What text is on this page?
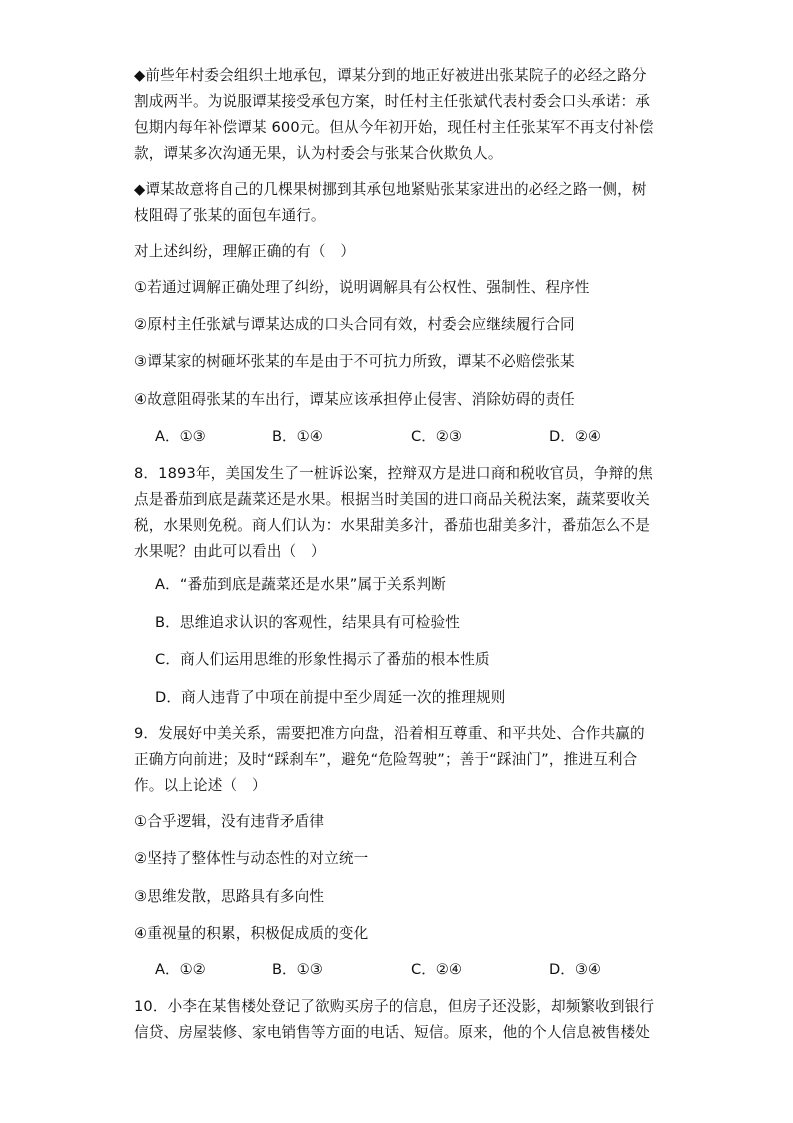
◆前些年村委会组织土地承包，谭某分到的地正好被进出张某院子的必经之路分
割成两半。为说服谭某接受承包方案，时任村主任张斌代表村委会口头承诺：承
包期内每年补偿谭某 600元。但从今年初开始，现任村主任张某军不再支付补偿
款，谭某多次沟通无果，认为村委会与张某合伙欺负人。
◆谭某故意将自己的几棵果树挪到其承包地紧贴张某家进出的必经之路一侧，树
枝阻碍了张某的面包车通行。
对上述纠纷，理解正确的有（　）
①若通过调解正确处理了纠纷，说明调解具有公权性、强制性、程序性
②原村主任张斌与谭某达成的口头合同有效，村委会应继续履行合同
③谭某家的树砸坏张某的车是由于不可抗力所致，谭某不必赔偿张某
④故意阻碍张某的车出行，谭某应该承担停止侵害、消除妨碍的责任
8．1893年，美国发生了一桩诉讼案，控辩双方是进口商和税收官员，争辩的焦
点是番茄到底是蔬菜还是水果。根据当时美国的进口商品关税法案，蔬菜要收关
税，水果则免税。商人们认为：水果甜美多汁，番茄也甜美多汁，番茄怎么不是
水果呢？由此可以看出（　）
A．“番茄到底是蔬菜还是水果”属于关系判断
B．思维追求认识的客观性，结果具有可检验性
C．商人们运用思维的形象性揭示了番茄的根本性质
D．商人违背了中项在前提中至少周延一次的推理规则
9．发展好中美关系，需要把准方向盘，沿着相互尊重、和平共处、合作共赢的
正确方向前进；及时“踩刹车”，避免“危险驾驶”；善于“踩油门”，推进互利合
作。以上论述（　）
①合乎逻辑，没有违背矛盾律
②坚持了整体性与动态性的对立统一
③思维发散，思路具有多向性
④重视量的积累，积极促成质的变化
10．小李在某售楼处登记了欲购买房子的信息，但房子还没影，却频繁收到银行
信贷、房屋装修、家电销售等方面的电话、短信。原来，他的个人信息被售楼处
A．①③	B．①④	C．②③	D．②④
A．①②	B．①③	C．②④	D．③④
